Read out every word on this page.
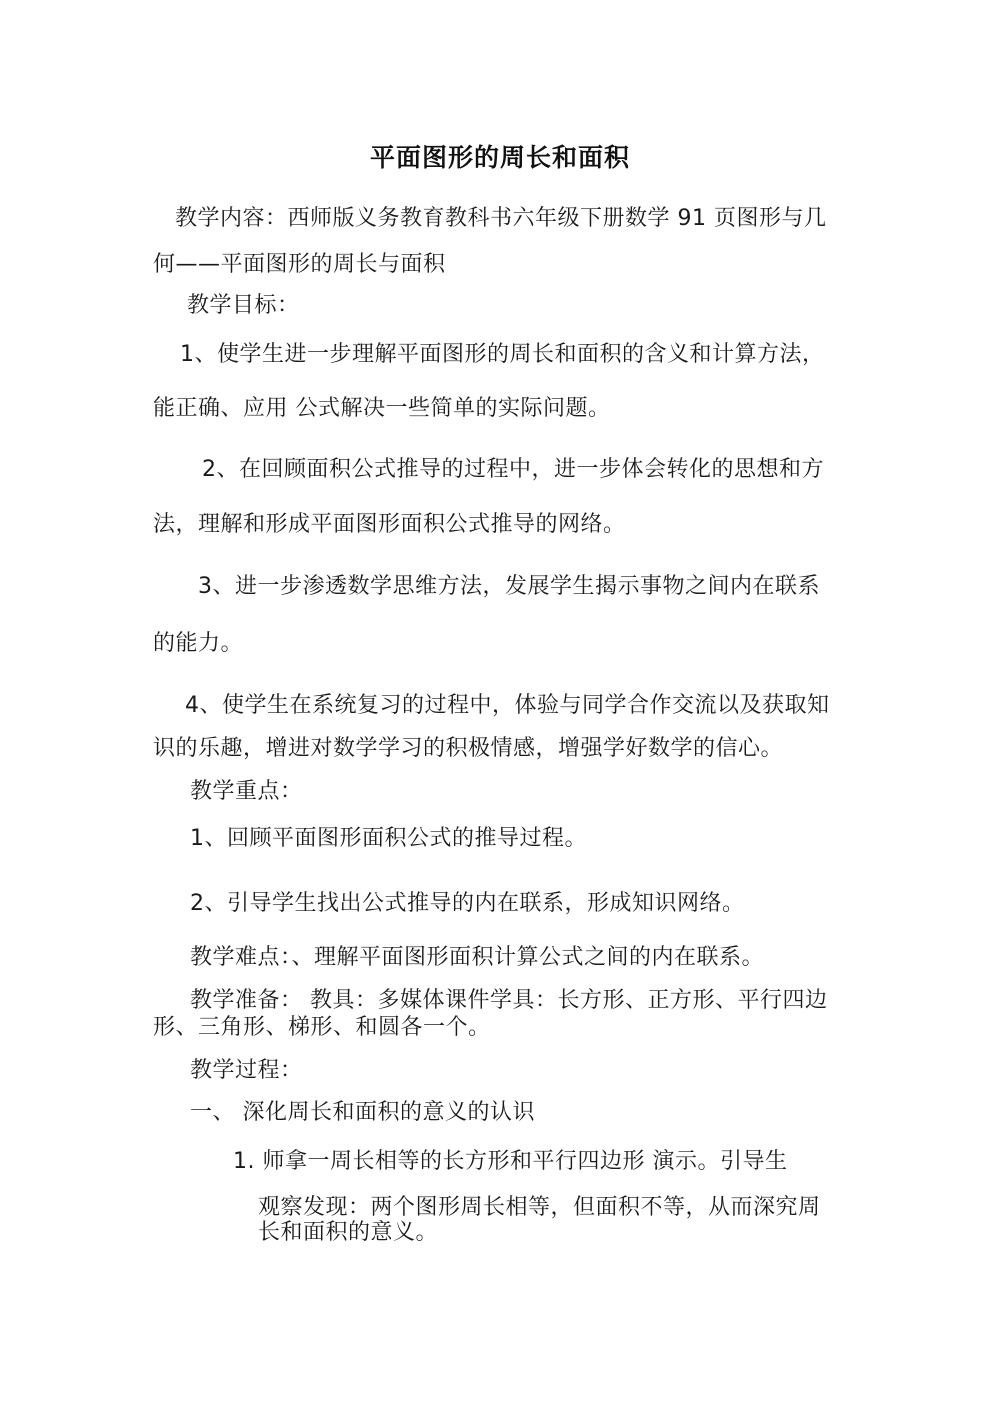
平面图形的周长和面积
教学内容：西师版义务教育教科书六年级下册数学 91 页图形与几
何——平面图形的周长与面积
教学目标：
1、使学生进一步理解平面图形的周长和面积的含义和计算方法，
能正确、应用 公式解决一些简单的实际问题。
2、在回顾面积公式推导的过程中，进一步体会转化的思想和方
法，理解和形成平面图形面积公式推导的网络。
3、进一步渗透数学思维方法，发展学生揭示事物之间内在联系
的能力。
4、使学生在系统复习的过程中，体验与同学合作交流以及获取知
识的乐趣，增进对数学学习的积极情感，增强学好数学的信心。
教学重点：
1、回顾平面图形面积公式的推导过程。
2、引导学生找出公式推导的内在联系，形成知识网络。
教学难点：、理解平面图形面积计算公式之间的内在联系。
教学准备： 教具：多媒体课件学具：长方形、正方形、平行四边
形、三角形、梯形、和圆各一个。
教学过程：
一、 深化周长和面积的意义的认识
1. 师拿一周长相等的长方形和平行四边形 演示。引导生
观察发现：两个图形周长相等，但面积不等，从而深究周
长和面积的意义。
